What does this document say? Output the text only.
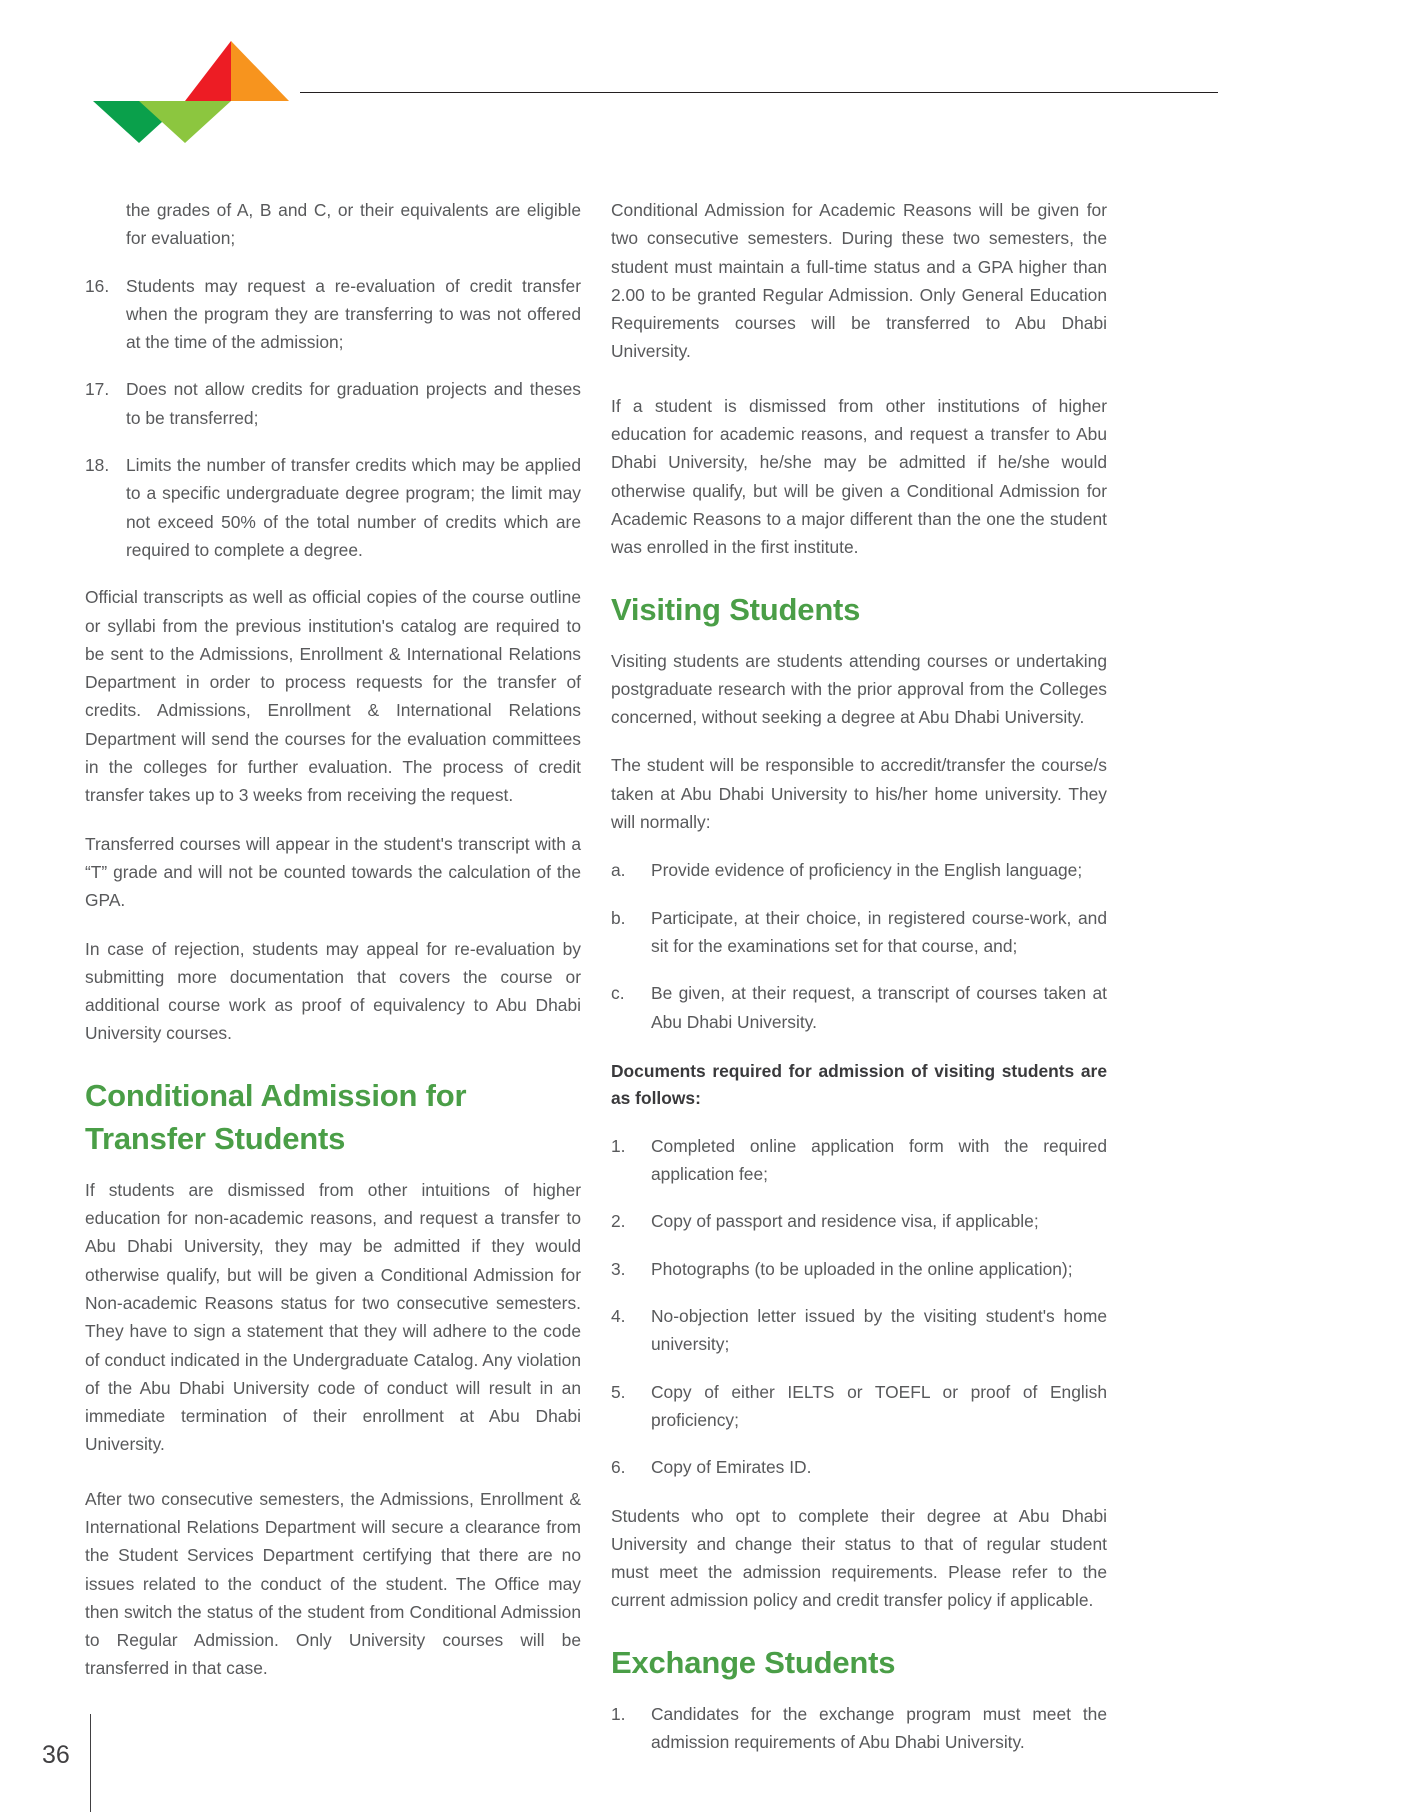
the grades of A, B and C, or their equivalents are eligible for evaluation;
16. Students may request a re-evaluation of credit transfer when the program they are transferring to was not offered at the time of the admission;
17. Does not allow credits for graduation projects and theses to be transferred;
18. Limits the number of transfer credits which may be applied to a specific undergraduate degree program; the limit may not exceed 50% of the total number of credits which are required to complete a degree.

Official transcripts as well as official copies of the course outline or syllabi from the previous institution's catalog are required to be sent to the Admissions, Enrollment & International Relations Department in order to process requests for the transfer of credits. Admissions, Enrollment & International Relations Department will send the courses for the evaluation committees in the colleges for further evaluation. The process of credit transfer takes up to 3 weeks from receiving the request.

Transferred courses will appear in the student's transcript with a “T” grade and will not be counted towards the calculation of the GPA.

In case of rejection, students may appeal for re-evaluation by submitting more documentation that covers the course or additional course work as proof of equivalency to Abu Dhabi University courses.

Conditional Admission for Transfer Students

If students are dismissed from other intuitions of higher education for non-academic reasons, and request a transfer to Abu Dhabi University, they may be admitted if they would otherwise qualify, but will be given a Conditional Admission for Non-academic Reasons status for two consecutive semesters. They have to sign a statement that they will adhere to the code of conduct indicated in the Undergraduate Catalog. Any violation of the Abu Dhabi University code of conduct will result in an immediate termination of their enrollment at Abu Dhabi University.

After two consecutive semesters, the Admissions, Enrollment & International Relations Department will secure a clearance from the Student Services Department certifying that there are no issues related to the conduct of the student. The Office may then switch the status of the student from Conditional Admission to Regular Admission. Only University courses will be transferred in that case.

Conditional Admission for Academic Reasons will be given for two consecutive semesters. During these two semesters, the student must maintain a full-time status and a GPA higher than 2.00 to be granted Regular Admission. Only General Education Requirements courses will be transferred to Abu Dhabi University.

If a student is dismissed from other institutions of higher education for academic reasons, and request a transfer to Abu Dhabi University, he/she may be admitted if he/she would otherwise qualify, but will be given a Conditional Admission for Academic Reasons to a major different than the one the student was enrolled in the first institute.

Visiting Students

Visiting students are students attending courses or undertaking postgraduate research with the prior approval from the Colleges concerned, without seeking a degree at Abu Dhabi University.

The student will be responsible to accredit/transfer the course/s taken at Abu Dhabi University to his/her home university. They will normally:

a.	Provide evidence of proficiency in the English language;
b.	Participate, at their choice, in registered course-work, and sit for the examinations set for that course, and;
c.	Be given, at their request, a transcript of courses taken at Abu Dhabi University.

Documents required for admission of visiting students are as follows:

1.	Completed online application form with the required application fee;
2.	Copy of passport and residence visa, if applicable;
3.	Photographs (to be uploaded in the online application);
4.	No-objection letter issued by the visiting student's home university;
5.	Copy of either IELTS or TOEFL or proof of English proficiency;
6.	Copy of Emirates ID.

Students who opt to complete their degree at Abu Dhabi University and change their status to that of regular student must meet the admission requirements. Please refer to the current admission policy and credit transfer policy if applicable.

Exchange Students
1.	Candidates for the exchange program must meet the admission requirements of Abu Dhabi University.
36
